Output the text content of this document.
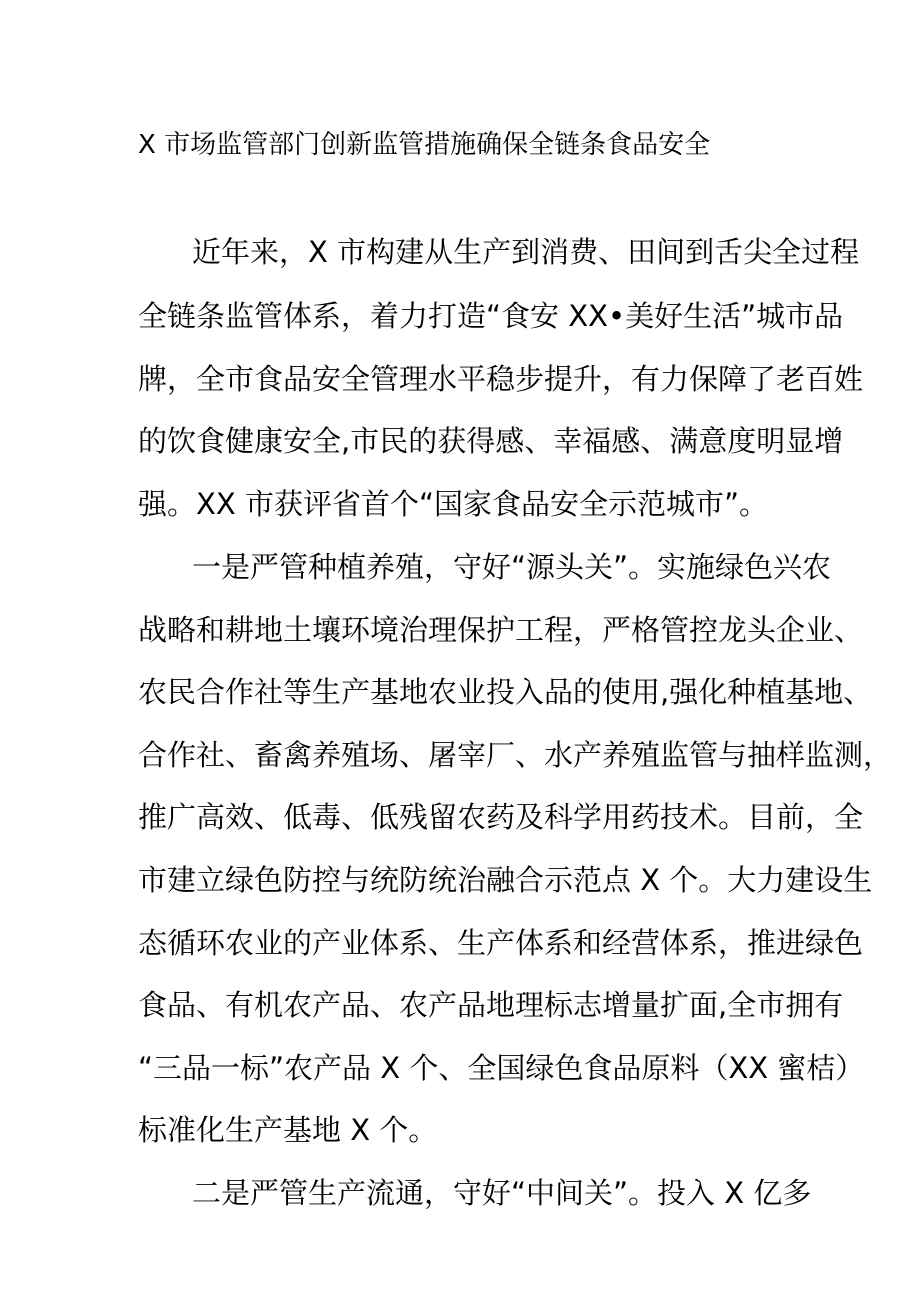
X 市场监管部门创新监管措施确保全链条食品安全
近年来，X 市构建从生产到消费、田间到舌尖全过程
全链条监管体系，着力打造“食安 XX•美好生活”城市品
牌，全市食品安全管理水平稳步提升，有力保障了老百姓
的饮食健康安全,市民的获得感、幸福感、满意度明显增
强。XX 市获评省首个“国家食品安全示范城市”。
一是严管种植养殖，守好“源头关”。实施绿色兴农
战略和耕地土壤环境治理保护工程，严格管控龙头企业、
农民合作社等生产基地农业投入品的使用,强化种植基地、
合作社、畜禽养殖场、屠宰厂、水产养殖监管与抽样监测，
推广高效、低毒、低残留农药及科学用药技术。目前，全
市建立绿色防控与统防统治融合示范点 X 个。大力建设生
态循环农业的产业体系、生产体系和经营体系，推进绿色
食品、有机农产品、农产品地理标志增量扩面,全市拥有
“三品一标”农产品 X 个、全国绿色食品原料（XX 蜜桔）
标准化生产基地 X 个。
二是严管生产流通，守好“中间关”。投入 X 亿多
